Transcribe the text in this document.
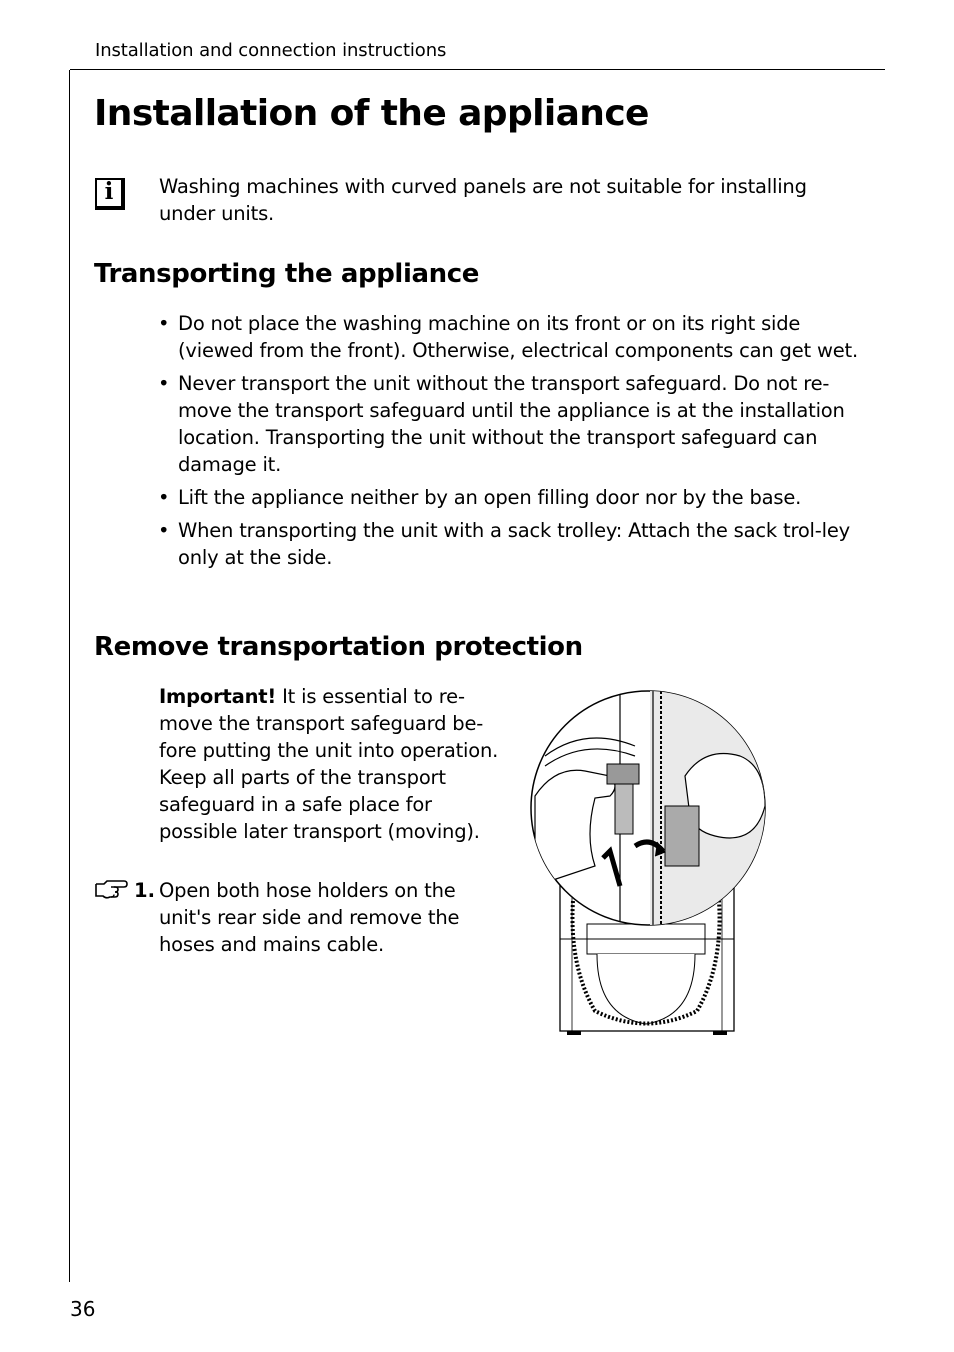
Installation and connection instructions
Installation of the appliance
i	Washing machines with curved panels are not suitable for installing under units.
Transporting the appliance
• Do not place the washing machine on its front or on its right side (viewed from the front). Otherwise, electrical components can get wet.
• Never transport the unit without the transport safeguard. Do not re-move the transport safeguard until the appliance is at the installation location. Transporting the unit without the transport safeguard can damage it.
• Lift the appliance neither by an open filling door nor by the base.
• When transporting the unit with a sack trolley: Attach the sack trol-ley only at the side.
Remove transportation protection
Important! It is essential to re-move the transport safeguard be-fore putting the unit into operation. Keep all parts of the transport safeguard in a safe place for possible later transport (moving).
1. Open both hose holders on the unit's rear side and remove the hoses and mains cable.
36
